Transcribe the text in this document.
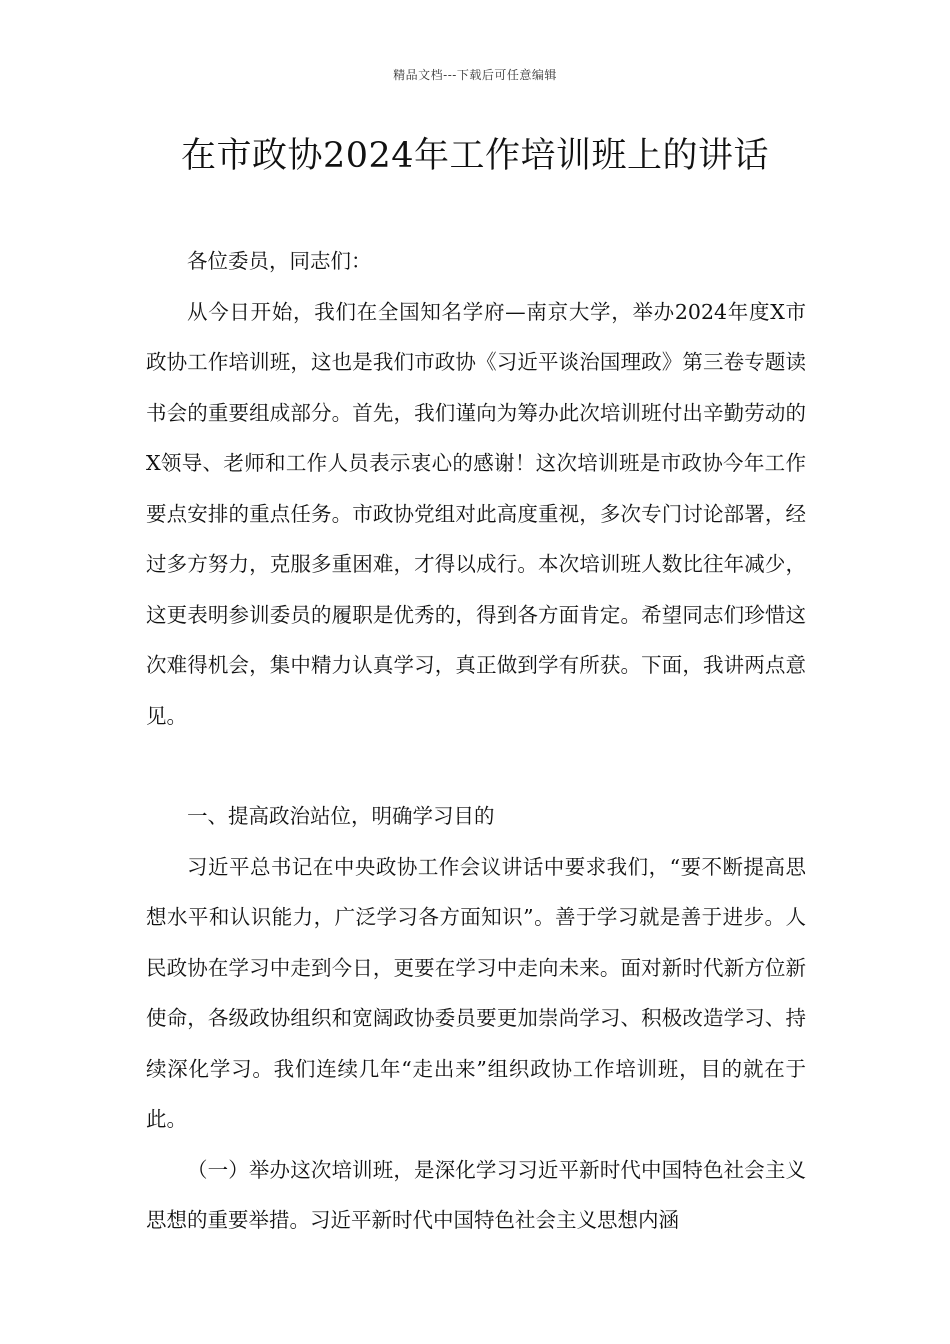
精品文档---下载后可任意编辑
在市政协2024年工作培训班上的讲话

各位委员，同志们：

从今日开始，我们在全国知名学府—南京大学，举办2024年度X市政协工作培训班，这也是我们市政协《习近平谈治国理政》第三卷专题读书会的重要组成部分。首先，我们谨向为筹办此次培训班付出辛勤劳动的X领导、老师和工作人员表示衷心的感谢！这次培训班是市政协今年工作要点安排的重点任务。市政协党组对此高度重视，多次专门讨论部署，经过多方努力，克服多重困难，才得以成行。本次培训班人数比往年减少，这更表明参训委员的履职是优秀的，得到各方面肯定。希望同志们珍惜这次难得机会，集中精力认真学习，真正做到学有所获。下面，我讲两点意见。

一、提高政治站位，明确学习目的

习近平总书记在中央政协工作会议讲话中要求我们，“要不断提高思想水平和认识能力，广泛学习各方面知识”。善于学习就是善于进步。人民政协在学习中走到今日，更要在学习中走向未来。面对新时代新方位新使命，各级政协组织和宽阔政协委员要更加崇尚学习、积极改造学习、持续深化学习。我们连续几年“走出来”组织政协工作培训班，目的就在于此。

（一）举办这次培训班，是深化学习习近平新时代中国特色社会主义思想的重要举措。习近平新时代中国特色社会主义思想内涵
